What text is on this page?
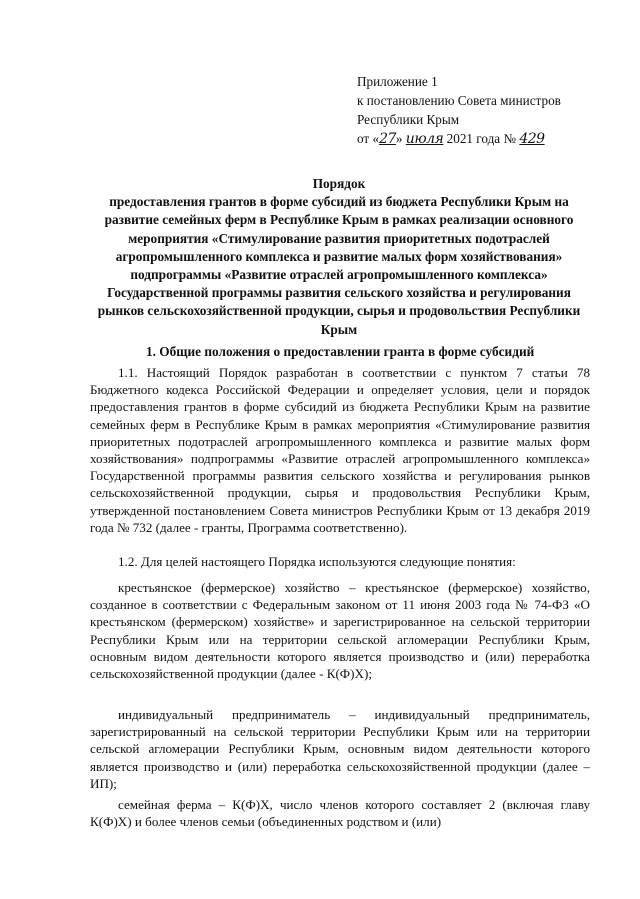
Приложение 1
к постановлению Совета министров
Республики Крым
от «27» июля 2021 года № 429
Порядок
предоставления грантов в форме субсидий из бюджета Республики Крым на развитие семейных ферм в Республике Крым в рамках реализации основного мероприятия «Стимулирование развития приоритетных подотраслей агропромышленного комплекса и развитие малых форм хозяйствования» подпрограммы «Развитие отраслей агропромышленного комплекса» Государственной программы развития сельского хозяйства и регулирования рынков сельскохозяйственной продукции, сырья и продовольствия Республики Крым
1. Общие положения о предоставлении гранта в форме субсидий

1.1. Настоящий Порядок разработан в соответствии с пунктом 7 статьи 78 Бюджетного кодекса Российской Федерации и определяет условия, цели и порядок предоставления грантов в форме субсидий из бюджета Республики Крым на развитие семейных ферм в Республике Крым в рамках мероприятия «Стимулирование развития приоритетных подотраслей агропромышленного комплекса и развитие малых форм хозяйствования» подпрограммы «Развитие отраслей агропромышленного комплекса» Государственной программы развития сельского хозяйства и регулирования рынков сельскохозяйственной продукции, сырья и продовольствия Республики Крым, утвержденной постановлением Совета министров Республики Крым от 13 декабря 2019 года № 732 (далее - гранты, Программа соответственно).

1.2. Для целей настоящего Порядка используются следующие понятия:

крестьянское (фермерское) хозяйство – крестьянское (фермерское) хозяйство, созданное в соответствии с Федеральным законом от 11 июня 2003 года № 74-ФЗ «О крестьянском (фермерском) хозяйстве» и зарегистрированное на сельской территории Республики Крым или на территории сельской агломерации Республики Крым, основным видом деятельности которого является производство и (или) переработка сельскохозяйственной продукции (далее - К(Ф)Х);

индивидуальный предприниматель – индивидуальный предприниматель, зарегистрированный на сельской территории Республики Крым или на территории сельской агломерации Республики Крым, основным видом деятельности которого является производство и (или) переработка сельскохозяйственной продукции (далее – ИП);

семейная ферма – К(Ф)Х, число членов которого составляет 2 (включая главу К(Ф)Х) и более членов семьи (объединенных родством и (или)
